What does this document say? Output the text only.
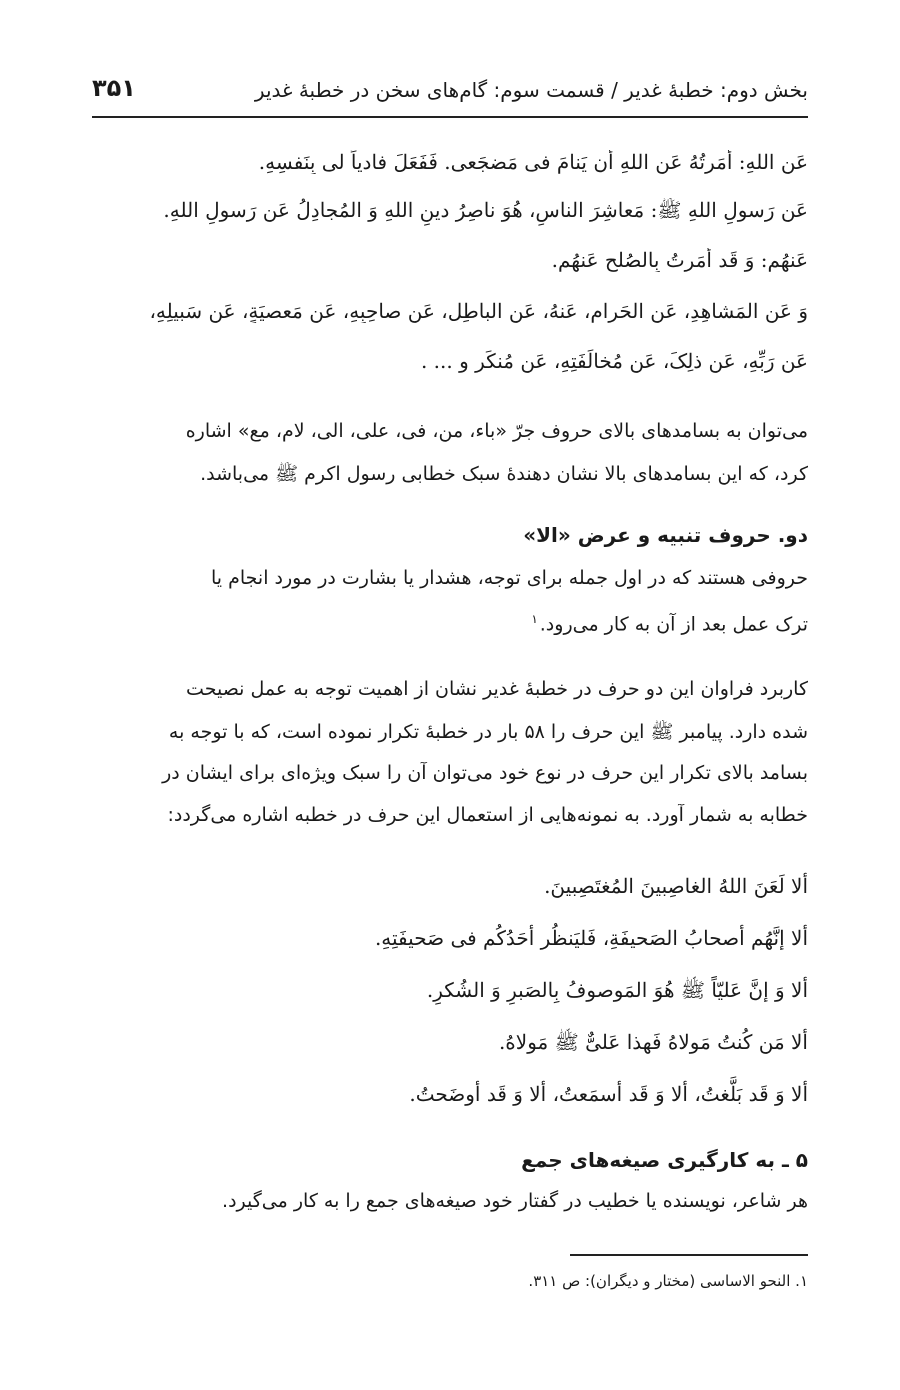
بخش دوم: خطبۀ غدیر / قسمت سوم: گام‌های سخن در خطبۀ غدیر
۳۵۱
عَن اللهِ: أمَرتُهُ عَن اللهِ أن يَنامَ فی مَضجَعی. فَفَعَلَ فادياً لی بِنَفسِهِ.
عَن رَسولِ اللهِ ﷺ: مَعاشِرَ الناسِ، هُوَ ناصِرُ دينِ اللهِ وَ المُجادِلُ عَن رَسولِ اللهِ.
عَنهُم: وَ قَد أمَرتُ بِالصُلحِ عَنهُم.
وَ عَنِ المَشاهِدِ، عَنِ الحَرامِ، عَنهُ، عَنِ الباطِلِ، عَن صاحِبِهِ، عَن مَعصيَةٍ، عَن سَبيلِهِ،
عَن رَبِّهِ، عَن ذلِکَ، عَن مُخالَفَتِهِ، عَن مُنكَرٍ و ... .
می‌توان به بسامدهای بالای حروف جرّ «باء، من، فی، علی، الی، لام، مع» اشاره
کرد، که این بسامدهای بالا نشان دهندۀ سبک خطابی رسول اکرم ﷺ می‌باشد.
دو. حروف تنبیه و عرض «الا»
حروفی هستند که در اول جمله برای توجه، هشدار یا بشارت در مورد انجام یا
ترک عمل بعد از آن به کار می‌رود.$^۱$
کاربرد فراوان این دو حرف در خطبۀ غدیر نشان از اهمیت توجه به عمل نصیحت
شده دارد. پیامبر ﷺ این حرف را ۵۸ بار در خطبۀ تکرار نموده است، که با توجه به
بسامد بالای تکرار این حرف در نوع خود می‌توان آن را سبک ویژه‌ای برای ایشان در
خطابه به شمار آورد. به نمونه‌هایی از استعمال این حرف در خطبه اشاره می‌گردد:
ألا لَعَنَ اللهُ الغاصِبينَ المُغتَصِبينَ.
ألا إنَّهُم أصحابُ الصَحيفَةِ، فَليَنظُر أحَدُكُم فی صَحيفَتِهِ.
ألا وَ إنَّ عَليّاً ﷺ هُوَ المَوصوفُ بِالصَبرِ وَ الشُكرِ.
ألا مَن كُنتُ مَولاهُ فَهذا عَلیٌّ ﷺ مَولاهُ.
ألا وَ قَد بَلَّغتُ، ألا وَ قَد أسمَعتُ، ألا وَ قَد أوضَحتُ.
۵ ـ به کارگیری صیغه‌های جمع
هر شاعر، نویسنده یا خطیب در گفتار خود صیغه‌های جمع را به کار می‌گیرد.
۱. النحو الاساسی (مختار و دیگران): ص ۳۱۱.
